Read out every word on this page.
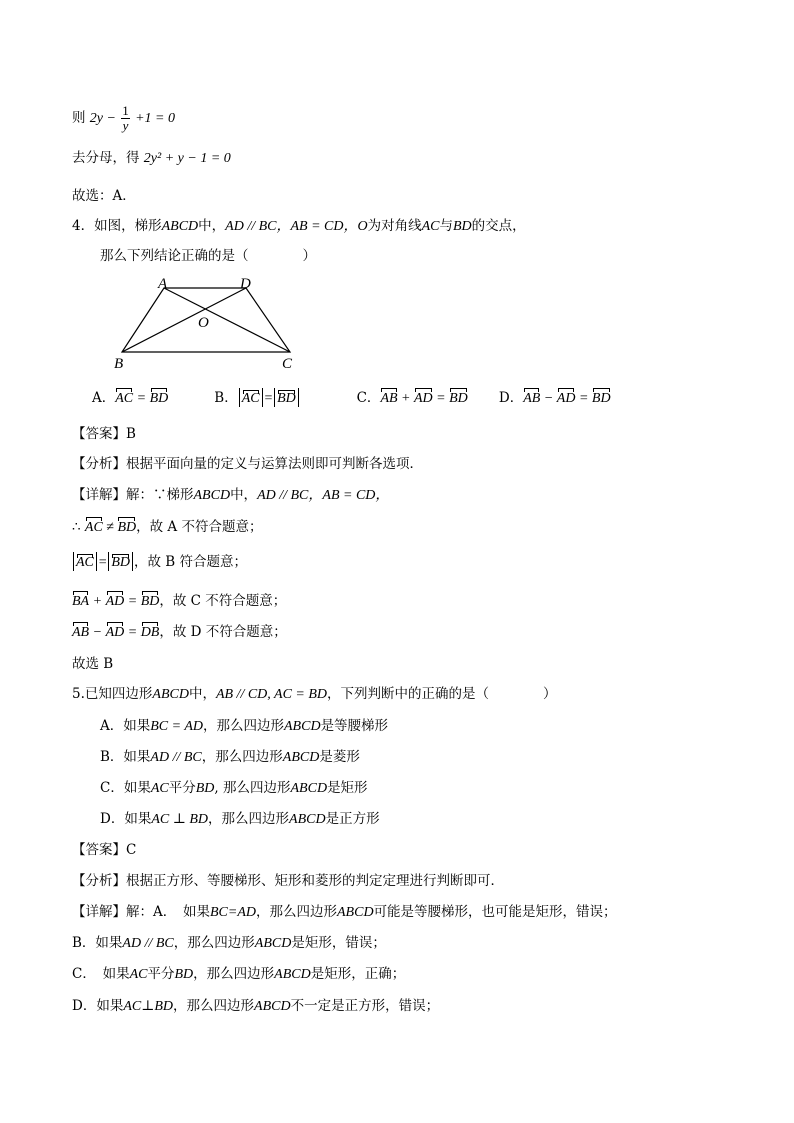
则 $2y - \frac{1}{y} +1 = 0$
去分母，得 2y² + y − 1 = 0
故选：A．
4．如图，梯形ABCD中，AD // BC，AB = CD，O为对角线AC与BD的交点，
那么下列结论正确的是（　　　　）
A	D
O
B	C
A．AC = BD	B． AC = BD	C．AB + AD = BD D．AB − AD = BD
【答案】B
【分析】根据平面向量的定义与运算法则即可判断各选项．
【详解】解：∵梯形ABCD中，AD // BC，AB = CD，
∴ AC ≠ BD，故 A 不符合题意；
AC = BD ，故 B 符合题意；
BA + AD = BD，故 C 不符合题意；
AB − AD = DB，故 D 不符合题意；
故选 B
5.已知四边形ABCD中，AB // CD, AC = BD，下列判断中的正确的是（　　　　）
A．如果BC = AD，那么四边形ABCD是等腰梯形
B．如果AD // BC，那么四边形ABCD是菱形
C．如果AC平分BD, 那么四边形ABCD是矩形
D．如果AC ⊥ BD，那么四边形ABCD是正方形
【答案】C
【分析】根据正方形、等腰梯形、矩形和菱形的判定定理进行判断即可．
【详解】解：A．　如果BC=AD，那么四边形ABCD可能是等腰梯形，也可能是矩形，错误；
B．如果AD // BC，那么四边形ABCD是矩形，错误；
C．　如果AC平分BD，那么四边形ABCD是矩形，正确；
D．如果AC⊥BD，那么四边形ABCD不一定是正方形，错误；
